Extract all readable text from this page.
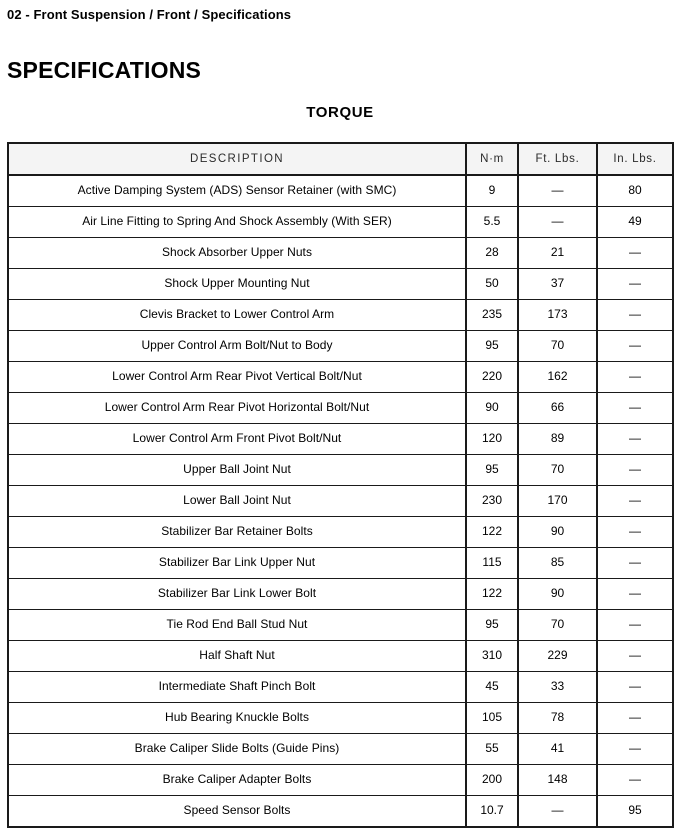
02 - Front Suspension / Front / Specifications
SPECIFICATIONS
TORQUE
DESCRIPTION	N·m	Ft. Lbs.	In. Lbs.
Active Damping System (ADS) Sensor Retainer (with SMC)	9	—	80
Air Line Fitting to Spring And Shock Assembly (With SER)	5.5	—	49
Shock Absorber Upper Nuts	28	21	—
Shock Upper Mounting Nut	50	37	—
Clevis Bracket to Lower Control Arm	235	173	—
Upper Control Arm Bolt/Nut to Body	95	70	—
Lower Control Arm Rear Pivot Vertical Bolt/Nut	220	162	—
Lower Control Arm Rear Pivot Horizontal Bolt/Nut	90	66	—
Lower Control Arm Front Pivot Bolt/Nut	120	89	—
Upper Ball Joint Nut	95	70	—
Lower Ball Joint Nut	230	170	—
Stabilizer Bar Retainer Bolts	122	90	—
Stabilizer Bar Link Upper Nut	115	85	—
Stabilizer Bar Link Lower Bolt	122	90	—
Tie Rod End Ball Stud Nut	95	70	—
Half Shaft Nut	310	229	—
Intermediate Shaft Pinch Bolt	45	33	—
Hub Bearing Knuckle Bolts	105	78	—
Brake Caliper Slide Bolts (Guide Pins)	55	41	—
Brake Caliper Adapter Bolts	200	148	—
Speed Sensor Bolts	10.7	—	95
